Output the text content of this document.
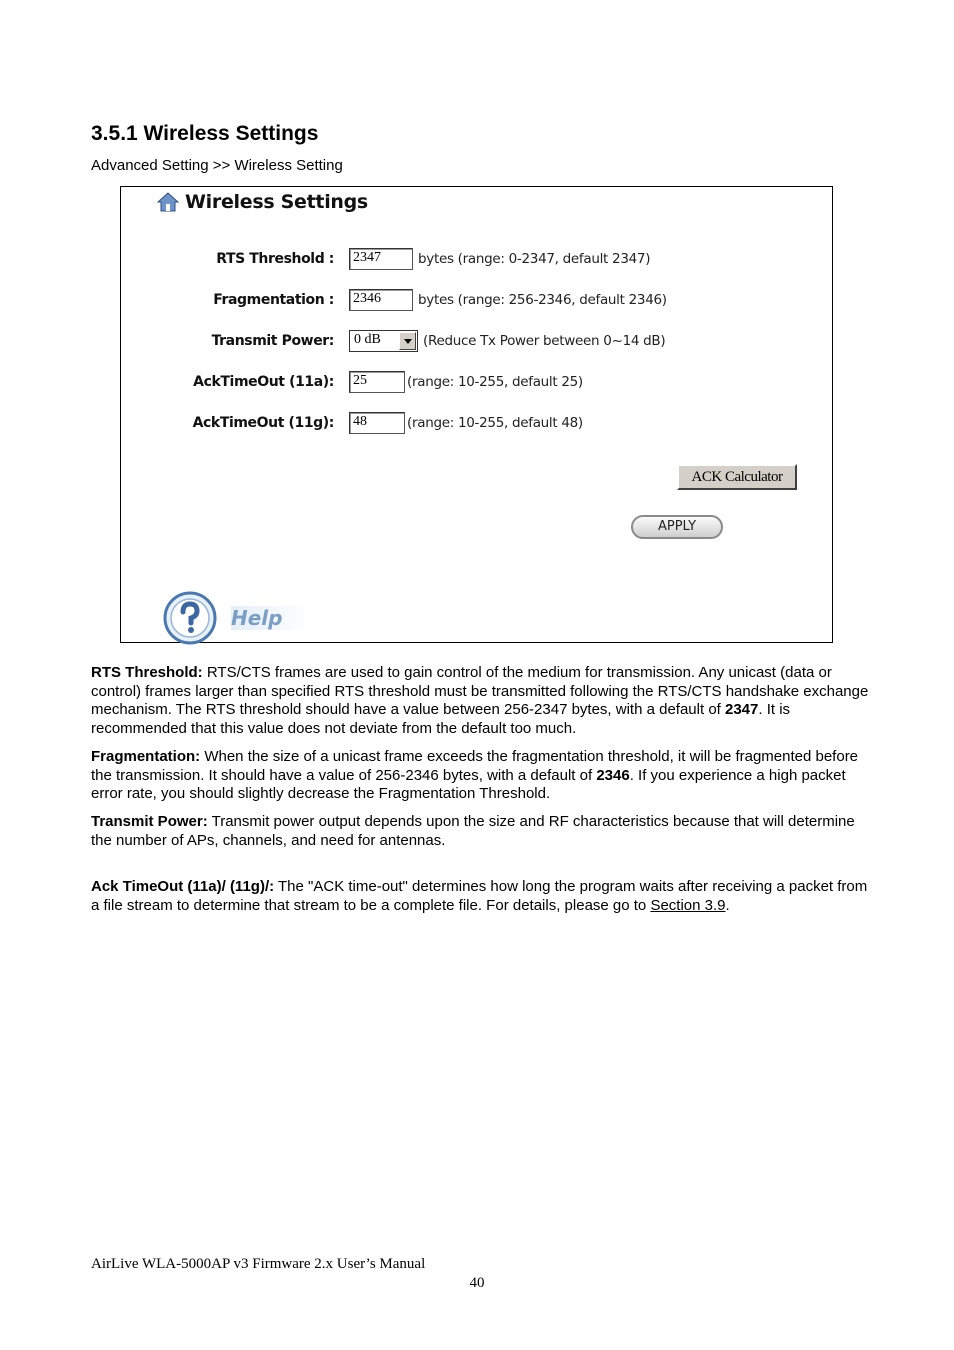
3.5.1 Wireless Settings
Advanced Setting >> Wireless Setting
Wireless Settings
RTS Threshold : 2347	bytes (range: 0-2347, default 2347)
Fragmentation : 2346	bytes (range: 256-2346, default 2346)
Transmit Power:	0 dB	(Reduce Tx Power between 0~14 dB)
AckTimeOut (11a): 25	(range: 10-255, default 25)
AckTimeOut (11g): 48	(range: 10-255, default 48)
ACK Calculator
APPLY
Help

RTS Threshold: RTS/CTS frames are used to gain control of the medium for transmission. Any unicast (data or control) frames larger than specified RTS threshold must be transmitted following the RTS/CTS handshake exchange mechanism. The RTS threshold should have a value between 256-2347 bytes, with a default of 2347. It is recommended that this value does not deviate from the default too much.

Fragmentation: When the size of a unicast frame exceeds the fragmentation threshold, it will be fragmented before the transmission. It should have a value of 256-2346 bytes, with a default of 2346. If you experience a high packet error rate, you should slightly decrease the Fragmentation Threshold.

Transmit Power: Transmit power output depends upon the size and RF characteristics because that will determine the number of APs, channels, and need for antennas.

Ack TimeOut (11a)/ (11g)/: The "ACK time-out" determines how long the program waits after receiving a packet from a file stream to determine that stream to be a complete file. For details, please go to Section 3.9.

AirLive WLA-5000AP v3 Firmware 2.x User’s Manual
40
